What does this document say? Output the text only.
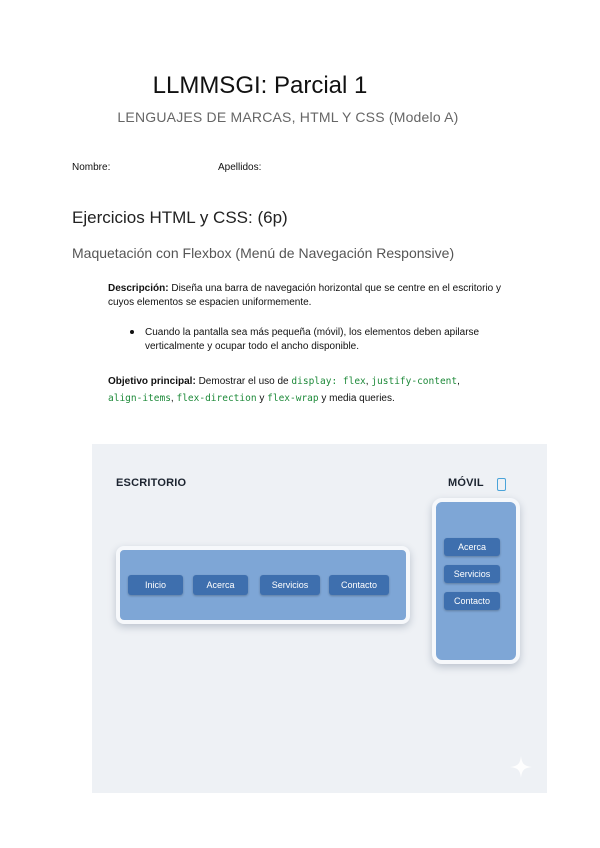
LLMMSGI: Parcial 1
LENGUAJES DE MARCAS, HTML Y CSS (Modelo A)
Nombre:	Apellidos:
Ejercicios HTML y CSS: (6p)
Maquetación con Flexbox (Menú de Navegación Responsive)
Descripción: Diseña una barra de navegación horizontal que se centre en el escritorio y cuyos elementos se espacien uniformemente.
Cuando la pantalla sea más pequeña (móvil), los elementos deben apilarse verticalmente y ocupar todo el ancho disponible.
Objetivo principal: Demostrar el uso de display: flex, justify-content,
align-items, flex-direction y flex-wrap y media queries.
ESCRITORIO	MÓVIL
Inicio	Acerca	Servicios	Contacto
Acerca
Servicios
Contacto
